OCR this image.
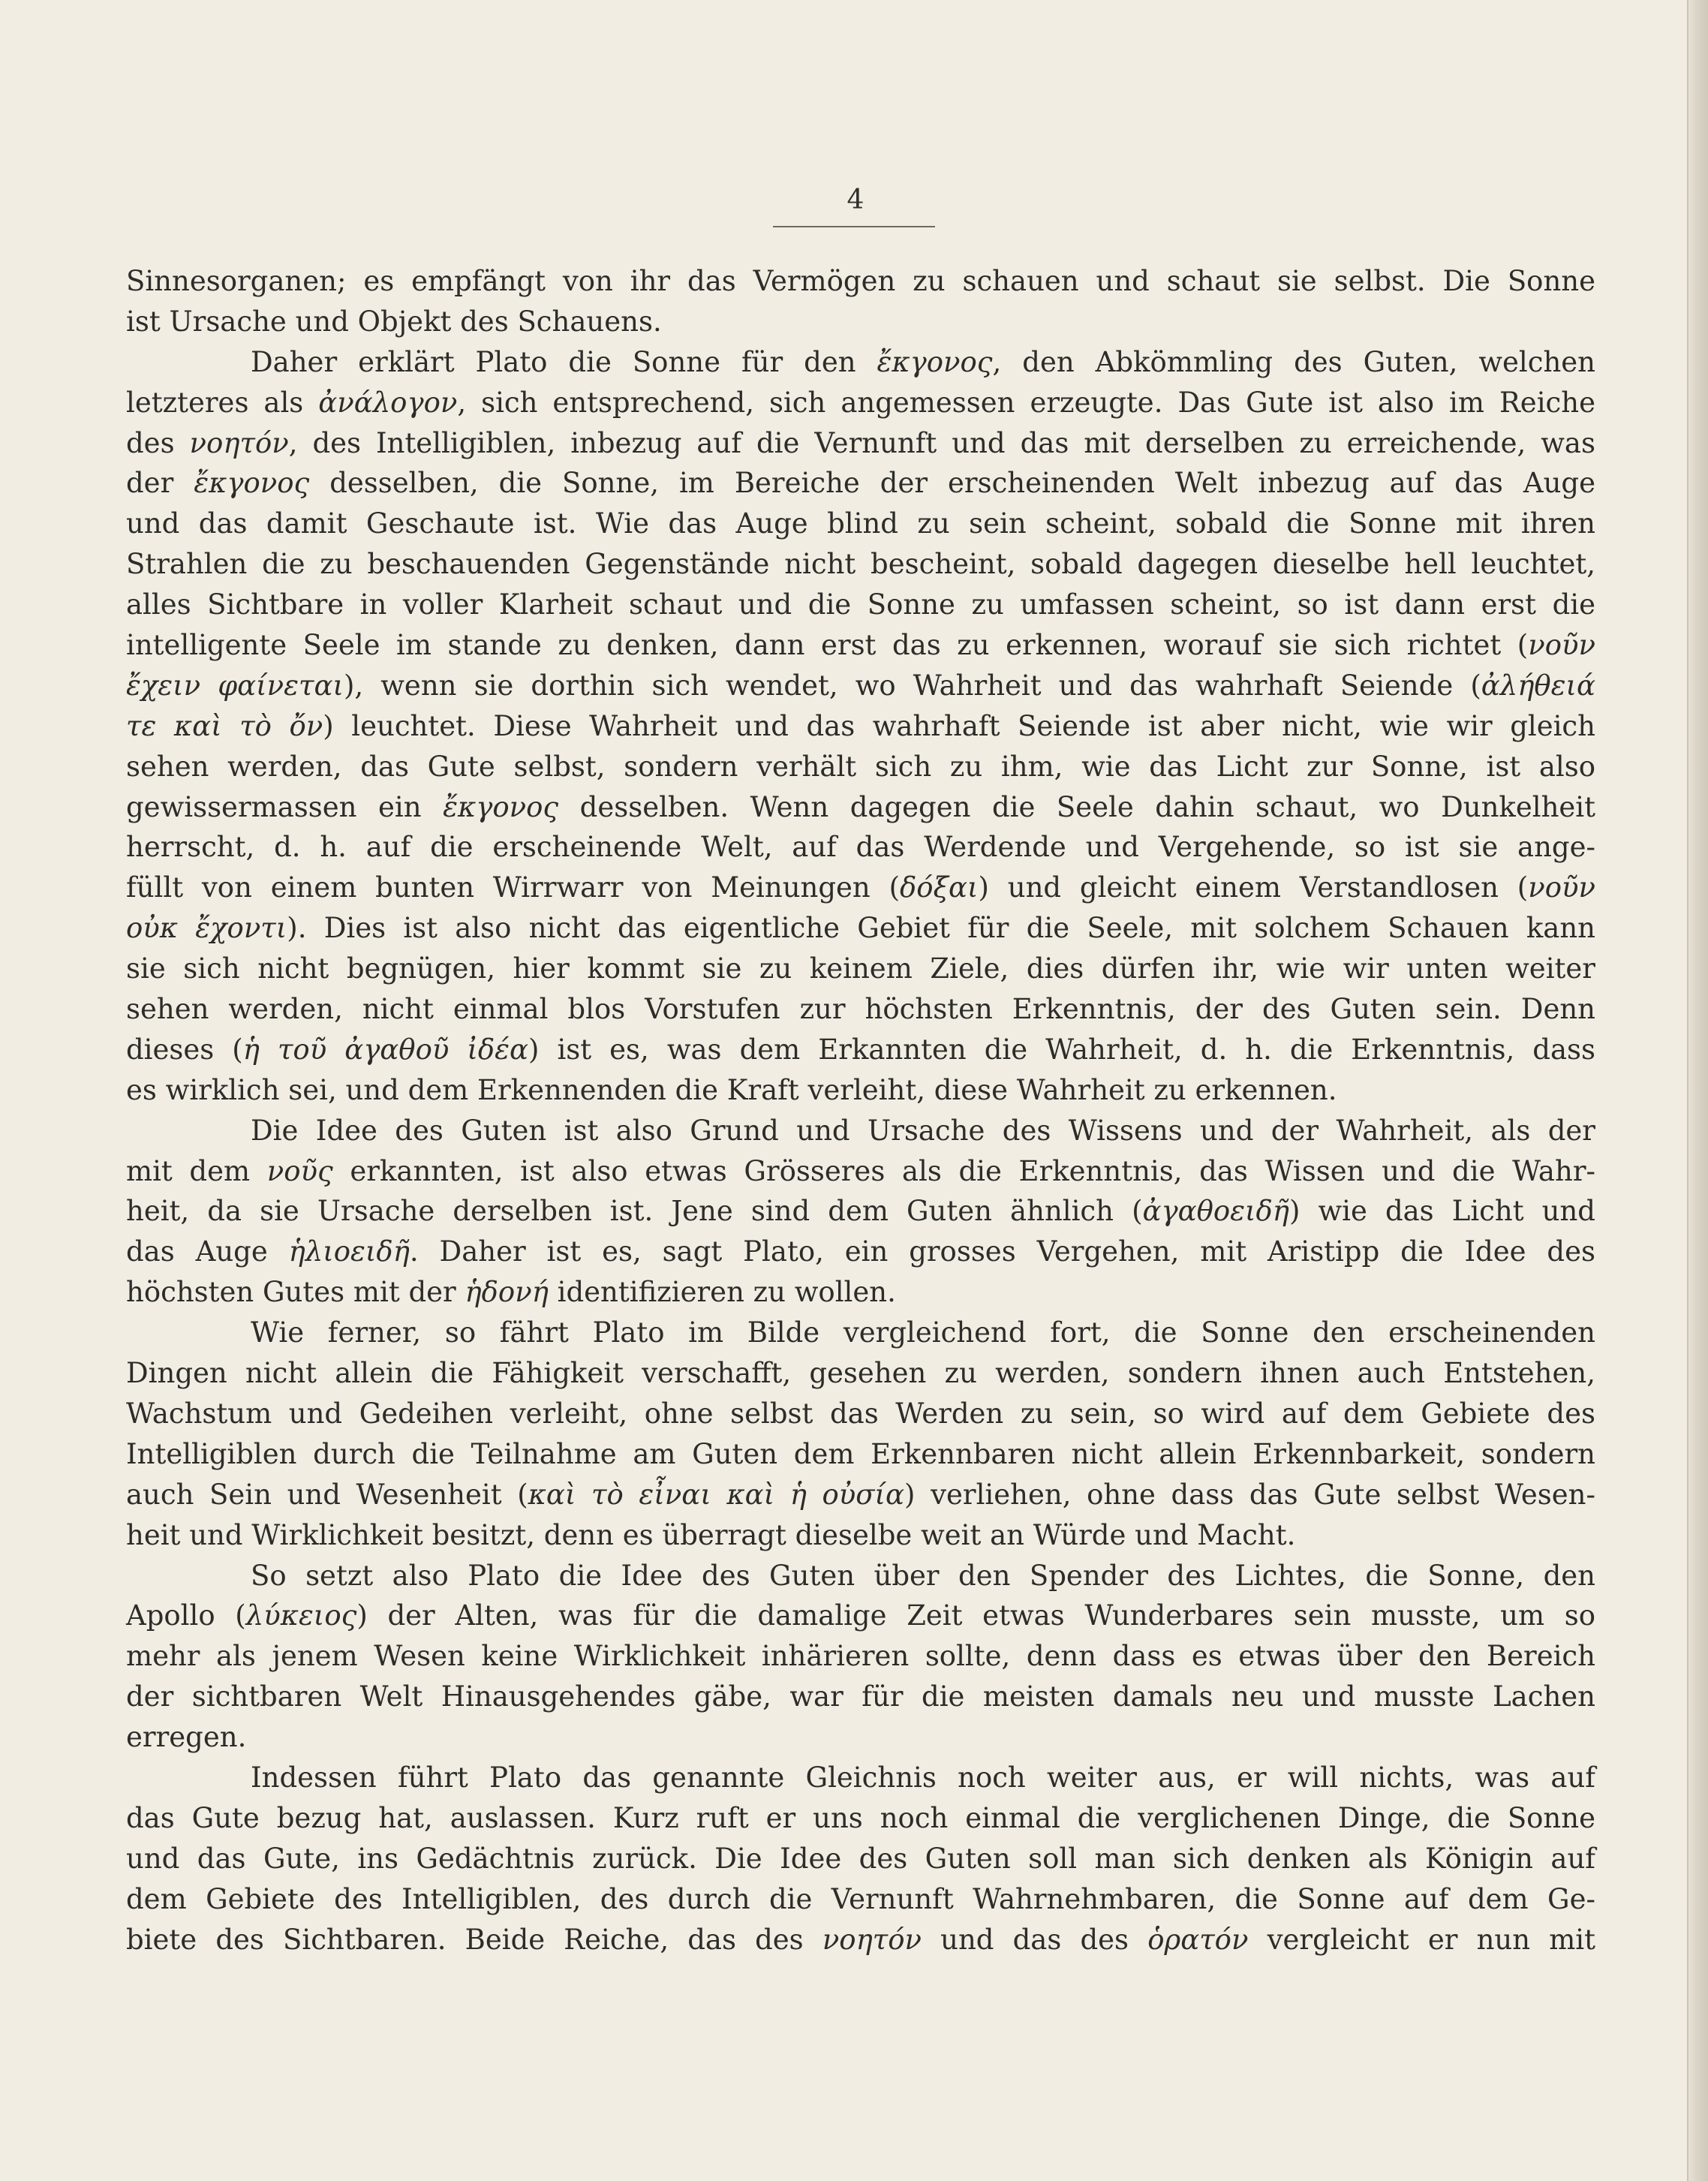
4
Sinnesorganen; es empfängt von ihr das Vermögen zu schauen und schaut sie selbst. Die Sonne
ist Ursache und Objekt des Schauens.
Daher erklärt Plato die Sonne für den ἔκγονος, den Abkömmling des Guten, welchen
letzteres als ἀνάλογον, sich entsprechend, sich angemessen erzeugte. Das Gute ist also im Reiche
des νοητόν, des Intelligiblen, inbezug auf die Vernunft und das mit derselben zu erreichende, was
der ἔκγονος desselben, die Sonne, im Bereiche der erscheinenden Welt inbezug auf das Auge
und das damit Geschaute ist. Wie das Auge blind zu sein scheint, sobald die Sonne mit ihren
Strahlen die zu beschauenden Gegenstände nicht bescheint, sobald dagegen dieselbe hell leuchtet,
alles Sichtbare in voller Klarheit schaut und die Sonne zu umfassen scheint, so ist dann erst die
intelligente Seele im stande zu denken, dann erst das zu erkennen, worauf sie sich richtet (νοῦν
ἔχειν φαίνεται), wenn sie dorthin sich wendet, wo Wahrheit und das wahrhaft Seiende (ἀλήθειά
τε καὶ τὸ ὄν) leuchtet. Diese Wahrheit und das wahrhaft Seiende ist aber nicht, wie wir gleich
sehen werden, das Gute selbst, sondern verhält sich zu ihm, wie das Licht zur Sonne, ist also
gewissermassen ein ἔκγονος desselben. Wenn dagegen die Seele dahin schaut, wo Dunkelheit
herrscht, d. h. auf die erscheinende Welt, auf das Werdende und Vergehende, so ist sie ange-
füllt von einem bunten Wirrwarr von Meinungen (δόξαι) und gleicht einem Verstandlosen (νοῦν
οὐκ ἔχοντι). Dies ist also nicht das eigentliche Gebiet für die Seele, mit solchem Schauen kann
sie sich nicht begnügen, hier kommt sie zu keinem Ziele, dies dürfen ihr, wie wir unten weiter
sehen werden, nicht einmal blos Vorstufen zur höchsten Erkenntnis, der des Guten sein. Denn
dieses (ἡ τοῦ ἀγαθοῦ ἰδέα) ist es, was dem Erkannten die Wahrheit, d. h. die Erkenntnis, dass
es wirklich sei, und dem Erkennenden die Kraft verleiht, diese Wahrheit zu erkennen.
Die Idee des Guten ist also Grund und Ursache des Wissens und der Wahrheit, als der
mit dem νοῦς erkannten, ist also etwas Grösseres als die Erkenntnis, das Wissen und die Wahr-
heit, da sie Ursache derselben ist. Jene sind dem Guten ähnlich (ἀγαθοειδῆ) wie das Licht und
das Auge ἡλιοειδῆ. Daher ist es, sagt Plato, ein grosses Vergehen, mit Aristipp die Idee des
höchsten Gutes mit der ἡδονή identifizieren zu wollen.
Wie ferner, so fährt Plato im Bilde vergleichend fort, die Sonne den erscheinenden
Dingen nicht allein die Fähigkeit verschafft, gesehen zu werden, sondern ihnen auch Entstehen,
Wachstum und Gedeihen verleiht, ohne selbst das Werden zu sein, so wird auf dem Gebiete des
Intelligiblen durch die Teilnahme am Guten dem Erkennbaren nicht allein Erkennbarkeit, sondern
auch Sein und Wesenheit (καὶ τὸ εἶναι καὶ ἡ οὐσία) verliehen, ohne dass das Gute selbst Wesen-
heit und Wirklichkeit besitzt, denn es überragt dieselbe weit an Würde und Macht.
So setzt also Plato die Idee des Guten über den Spender des Lichtes, die Sonne, den
Apollo (λύκειος) der Alten, was für die damalige Zeit etwas Wunderbares sein musste, um so
mehr als jenem Wesen keine Wirklichkeit inhärieren sollte, denn dass es etwas über den Bereich
der sichtbaren Welt Hinausgehendes gäbe, war für die meisten damals neu und musste Lachen
erregen.
Indessen führt Plato das genannte Gleichnis noch weiter aus, er will nichts, was auf
das Gute bezug hat, auslassen. Kurz ruft er uns noch einmal die verglichenen Dinge, die Sonne
und das Gute, ins Gedächtnis zurück. Die Idee des Guten soll man sich denken als Königin auf
dem Gebiete des Intelligiblen, des durch die Vernunft Wahrnehmbaren, die Sonne auf dem Ge-
biete des Sichtbaren. Beide Reiche, das des νοητόν und das des ὁρατόν vergleicht er nun mit
